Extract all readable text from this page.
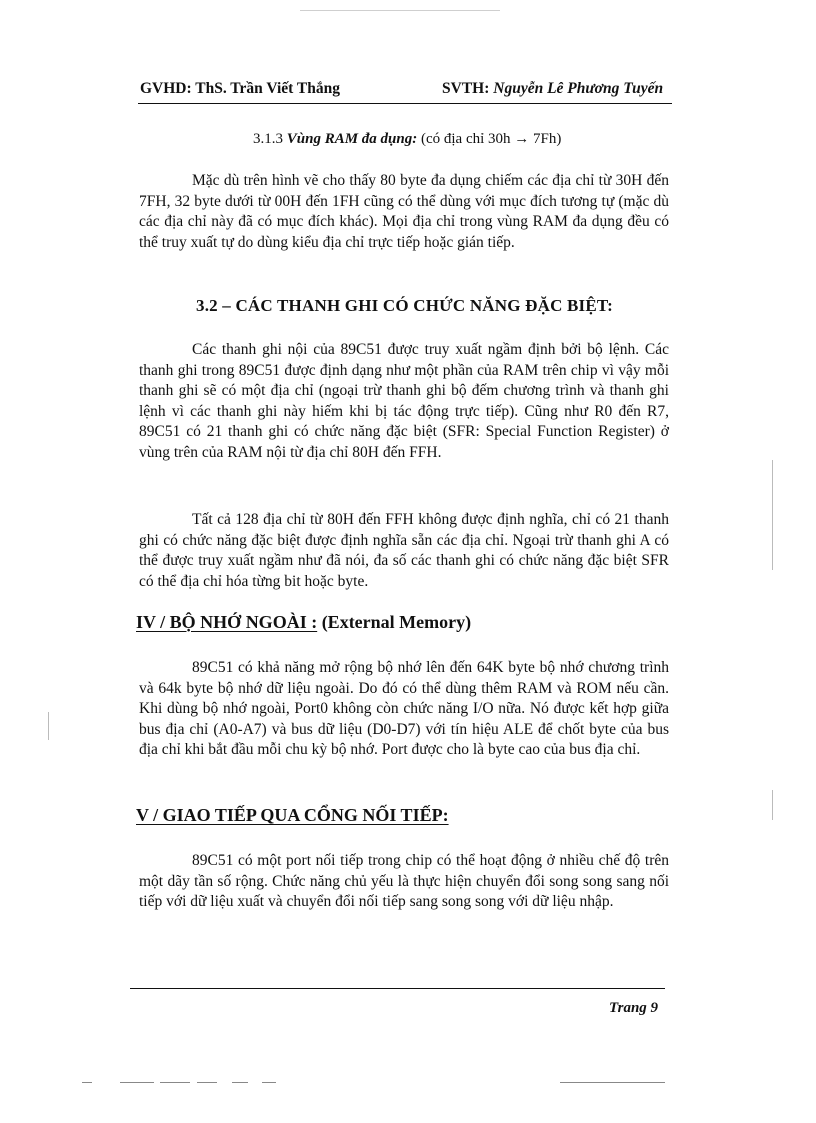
GVHD: ThS. Trần Viết Thắng	SVTH: Nguyễn Lê Phương Tuyến
3.1.3 Vùng RAM đa dụng: (có địa chỉ 30h → 7Fh)

Mặc dù trên hình vẽ cho thấy 80 byte đa dụng chiếm các địa chỉ từ 30H đến 7FH, 32 byte dưới từ 00H đến 1FH cũng có thể dùng với mục đích tương tự (mặc dù các địa chỉ này đã có mục đích khác). Mọi địa chỉ trong vùng RAM đa dụng đều có thể truy xuất tự do dùng kiểu địa chỉ trực tiếp hoặc gián tiếp.

3.2 – CÁC THANH GHI CÓ CHỨC NĂNG ĐẶC BIỆT:

Các thanh ghi nội của 89C51 được truy xuất ngầm định bởi bộ lệnh. Các thanh ghi trong 89C51 được định dạng như một phần của RAM trên chip vì vậy mỗi thanh ghi sẽ có một địa chỉ (ngoại trừ thanh ghi bộ đếm chương trình và thanh ghi lệnh vì các thanh ghi này hiếm khi bị tác động trực tiếp). Cũng như R0 đến R7, 89C51 có 21 thanh ghi có chức năng đặc biệt (SFR: Special Function Register) ở vùng trên của RAM nội từ địa chỉ 80H đến FFH.

Tất cả 128 địa chỉ từ 80H đến FFH không được định nghĩa, chỉ có 21 thanh ghi có chức năng đặc biệt được định nghĩa sẵn các địa chỉ. Ngoại trừ thanh ghi A có thể được truy xuất ngầm như đã nói, đa số các thanh ghi có chức năng đặc biệt SFR có thể địa chỉ hóa từng bit hoặc byte.

IV / BỘ NHỚ NGOÀI : (External Memory)

89C51 có khả năng mở rộng bộ nhớ lên đến 64K byte bộ nhớ chương trình và 64k byte bộ nhớ dữ liệu ngoài. Do đó có thể dùng thêm RAM và ROM nếu cần. Khi dùng bộ nhớ ngoài, Port0 không còn chức năng I/O nữa. Nó được kết hợp giữa bus địa chỉ (A0-A7) và bus dữ liệu (D0-D7) với tín hiệu ALE để chốt byte của bus địa chỉ khi bắt đầu mỗi chu kỳ bộ nhớ. Port được cho là byte cao của bus địa chỉ.

V / GIAO TIẾP QUA CỔNG NỐI TIẾP:

89C51 có một port nối tiếp trong chip có thể hoạt động ở nhiều chế độ trên một dãy tần số rộng. Chức năng chủ yếu là thực hiện chuyển đổi song song sang nối tiếp với dữ liệu xuất và chuyển đổi nối tiếp sang song song với dữ liệu nhập.

Trang 9
